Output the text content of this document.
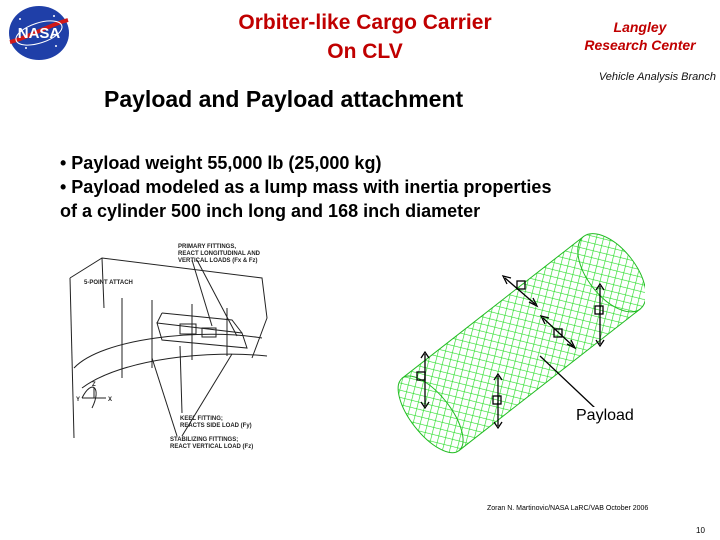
NASA	Orbiter-like Cargo Carrier
On CLV
Langley
Research Center
Vehicle Analysis Branch
Payload and Payload attachment
• Payload weight 55,000 lb (25,000 kg)
• Payload modeled as a lump mass with inertia properties
of a cylinder 500 inch long and 168 inch diameter
PRIMARY FITTINGS,
REACT LONGITUDINAL AND
VERTICAL LOADS (Fx & Fz)
5-POINT ATTACH
KEEL FITTING;
REACTS SIDE LOAD (Fy)
STABILIZING FITTINGS;
REACT VERTICAL LOAD (Fz)
Z
Y	X
Payload
Zoran N. Martinovic/NASA LaRC/VAB October 2006
10
